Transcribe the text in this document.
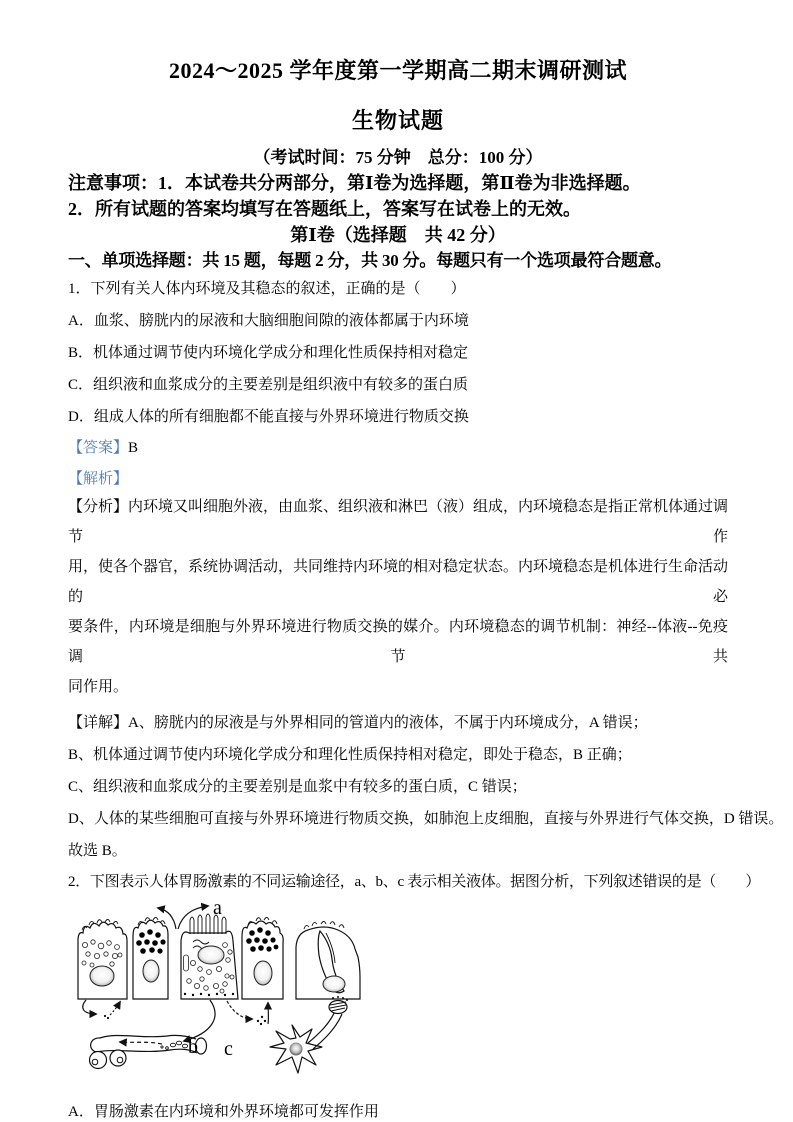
2024～2025 学年度第一学期高二期末调研测试
生物试题
（考试时间：75 分钟　总分：100 分）
注意事项：1．本试卷共分两部分，第Ⅰ卷为选择题，第Ⅱ卷为非选择题。
2．所有试题的答案均填写在答题纸上，答案写在试卷上的无效。
第Ⅰ卷（选择题　共 42 分）
一、单项选择题：共 15 题，每题 2 分，共 30 分。每题只有一个选项最符合题意。
1．下列有关人体内环境及其稳态的叙述，正确的是（　　）
A．血浆、膀胱内的尿液和大脑细胞间隙的液体都属于内环境
B．机体通过调节使内环境化学成分和理化性质保持相对稳定
C．组织液和血浆成分的主要差别是组织液中有较多的蛋白质
D．组成人体的所有细胞都不能直接与外界环境进行物质交换
【答案】B
【解析】
【分析】内环境又叫细胞外液，由血浆、组织液和淋巴（液）组成，内环境稳态是指正常机体通过调节作
用，使各个器官，系统协调活动，共同维持内环境的相对稳定状态。内环境稳态是机体进行生命活动的必
要条件，内环境是细胞与外界环境进行物质交换的媒介。内环境稳态的调节机制：神经--体液--免疫调节共
同作用。
【详解】A、膀胱内的尿液是与外界相同的管道内的液体，不属于内环境成分，A 错误；
B、机体通过调节使内环境化学成分和理化性质保持相对稳定，即处于稳态，B 正确；
C、组织液和血浆成分的主要差别是血浆中有较多的蛋白质，C 错误；
D、人体的某些细胞可直接与外界环境进行物质交换，如肺泡上皮细胞，直接与外界进行气体交换，D 错误。
故选 B。
2．下图表示人体胃肠激素的不同运输途径，a、b、c 表示相关液体。据图分析，下列叙述错误的是（　　）
a
b c
A．胃肠激素在内环境和外界环境都可发挥作用
